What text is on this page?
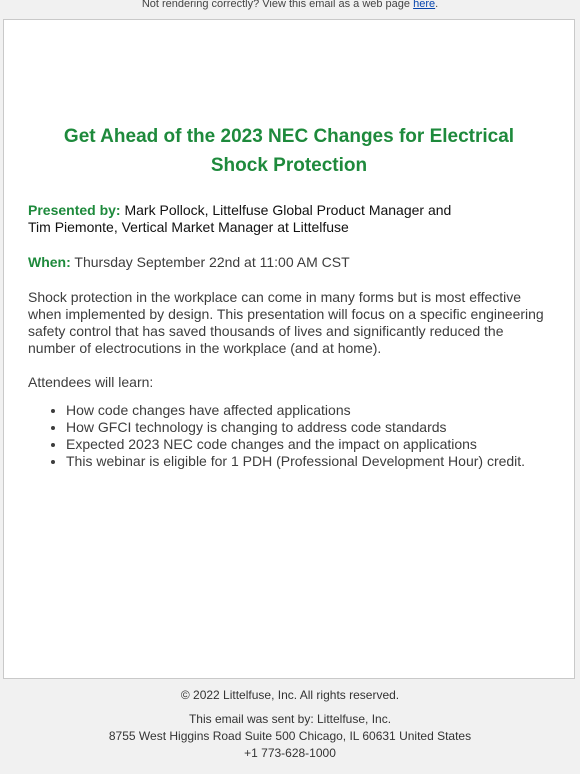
Not rendering correctly? View this email as a web page here.
Get Ahead of the 2023 NEC Changes for Electrical Shock Protection

Presented by: Mark Pollock, Littelfuse Global Product Manager and
Tim Piemonte, Vertical Market Manager at Littelfuse

When: Thursday September 22nd at 11:00 AM CST

Shock protection in the workplace can come in many forms but is most effective when implemented by design. This presentation will focus on a specific engineering safety control that has saved thousands of lives and significantly reduced the number of electrocutions in the workplace (and at home).

Attendees will learn:

• How code changes have affected applications
• How GFCI technology is changing to address code standards
• Expected 2023 NEC code changes and the impact on applications
• This webinar is eligible for 1 PDH (Professional Development Hour) credit.

© 2022 Littelfuse, Inc. All rights reserved.

This email was sent by: Littelfuse, Inc.
8755 West Higgins Road Suite 500 Chicago, IL 60631 United States
+1 773-628-1000
